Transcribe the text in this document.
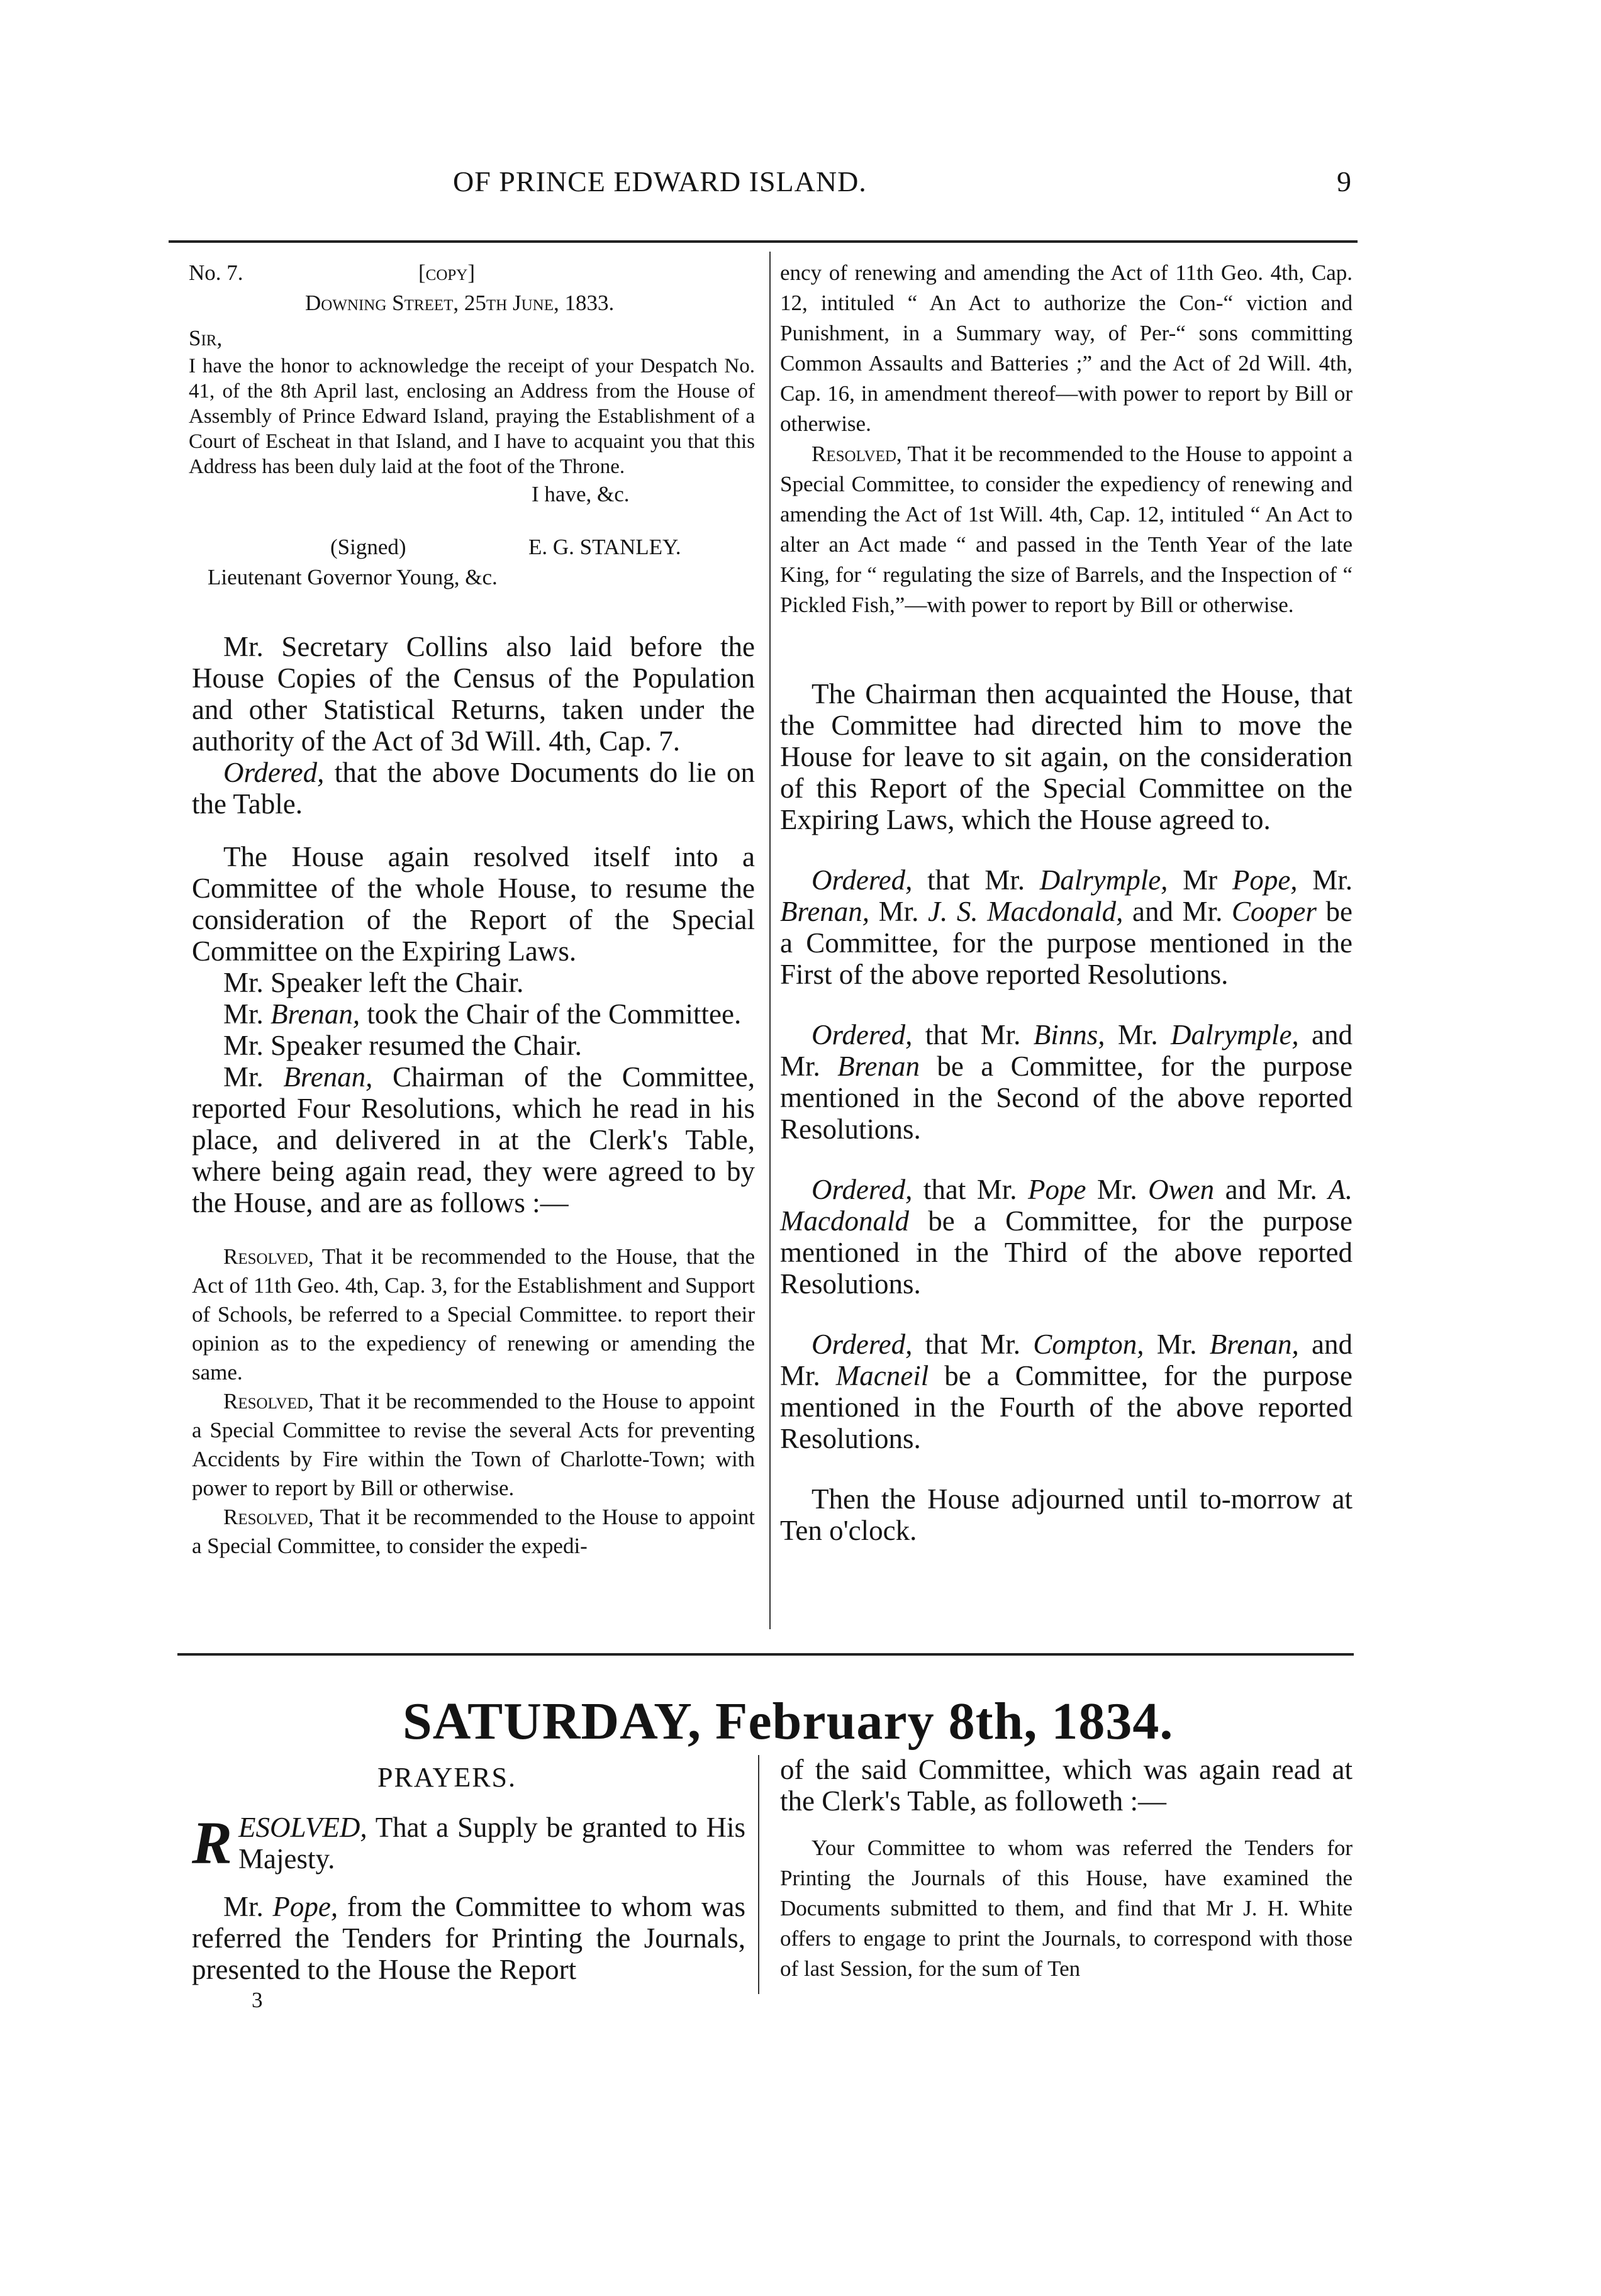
OF PRINCE EDWARD ISLAND.	9
No. 7.	[copy]
Downing Street, 25th June, 1833.
Sir,

I have the honor to acknowledge the receipt of your Despatch No. 41, of the 8th April last, enclosing an Address from the House of Assembly of Prince Edward Island, praying the Establishment of a Court of Escheat in that Island, and I have to acquaint you that this Address has been duly laid at the foot of the Throne.

I have, &c.
(Signed)	E. G. STANLEY.
Lieutenant Governor Young, &c.

Mr. Secretary Collins also laid before the House Copies of the Census of the Population and other Statistical Returns, taken under the authority of the Act of 3d Will. 4th, Cap. 7.

Ordered, that the above Documents do lie on the Table.

The House again resolved itself into a Committee of the whole House, to resume the consideration of the Report of the Special Committee on the Expiring Laws.

Mr. Speaker left the Chair.

Mr. Brenan, took the Chair of the Committee.

Mr. Speaker resumed the Chair.

Mr. Brenan, Chairman of the Committee, reported Four Resolutions, which he read in his place, and delivered in at the Clerk's Table, where being again read, they were agreed to by the House, and are as follows :—

Resolved, That it be recommended to the House, that the Act of 11th Geo. 4th, Cap. 3, for the Establishment and Support of Schools, be referred to a Special Committee. to report their opinion as to the expediency of renewing or amending the same.

Resolved, That it be recommended to the House to appoint a Special Committee to revise the several Acts for preventing Accidents by Fire within the Town of Charlotte-Town; with power to report by Bill or otherwise.

Resolved, That it be recommended to the House to appoint a Special Committee, to consider the expedi-

ency of renewing and amending the Act of 11th Geo. 4th, Cap. 12, intituled “ An Act to authorize the Con-“ viction and Punishment, in a Summary way, of Per-“ sons committing Common Assaults and Batteries ;” and the Act of 2d Will. 4th, Cap. 16, in amendment thereof—with power to report by Bill or otherwise.

Resolved, That it be recommended to the House to appoint a Special Committee, to consider the expediency of renewing and amending the Act of 1st Will. 4th, Cap. 12, intituled “ An Act to alter an Act made “ and passed in the Tenth Year of the late King, for “ regulating the size of Barrels, and the Inspection of “ Pickled Fish,”—with power to report by Bill or otherwise.

The Chairman then acquainted the House, that the Committee had directed him to move the House for leave to sit again, on the consideration of this Report of the Special Committee on the Expiring Laws, which the House agreed to.

Ordered, that Mr. Dalrymple, Mr Pope, Mr. Brenan, Mr. J. S. Macdonald, and Mr. Cooper be a Committee, for the purpose mentioned in the First of the above reported Resolutions.

Ordered, that Mr. Binns, Mr. Dalrymple, and Mr. Brenan be a Committee, for the purpose mentioned in the Second of the above reported Resolutions.

Ordered, that Mr. Pope Mr. Owen and Mr. A. Macdonald be a Committee, for the purpose mentioned in the Third of the above reported Resolutions.

Ordered, that Mr. Compton, Mr. Brenan, and Mr. Macneil be a Committee, for the purpose mentioned in the Fourth of the above reported Resolutions.

Then the House adjourned until to-morrow at Ten o'clock.

SATURDAY, February 8th, 1834.
PRAYERS.

RESOLVED, That a Supply be granted to His Majesty.

Mr. Pope, from the Committee to whom was referred the Tenders for Printing the Journals, presented to the House the Report

3

of the said Committee, which was again read at the Clerk's Table, as followeth :—

Your Committee to whom was referred the Tenders for Printing the Journals of this House, have examined the Documents submitted to them, and find that Mr J. H. White offers to engage to print the Journals, to correspond with those of last Session, for the sum of Ten
